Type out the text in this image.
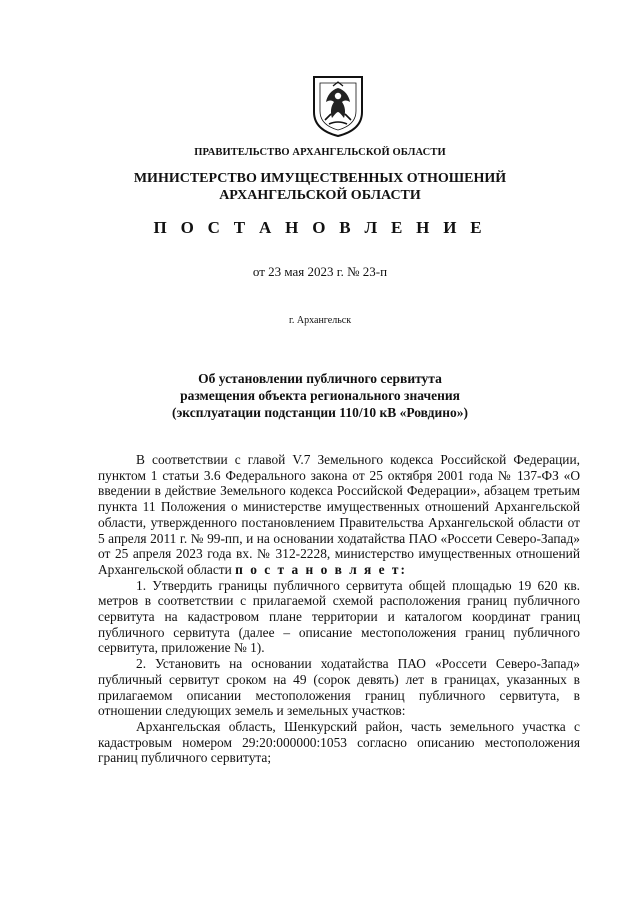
ПРАВИТЕЛЬСТВО АРХАНГЕЛЬСКОЙ ОБЛАСТИ
МИНИСТЕРСТВО ИМУЩЕСТВЕННЫХ ОТНОШЕНИЙ
АРХАНГЕЛЬСКОЙ ОБЛАСТИ
П О С Т А Н О В Л Е Н И Е
от 23 мая 2023 г. № 23-п
г. Архангельск
Об установлении публичного сервитута
размещения объекта регионального значения
(эксплуатации подстанции 110/10 кВ «Ровдино»)

В соответствии с главой V.7 Земельного кодекса Российской Федерации, пунктом 1 статьи 3.6 Федерального закона от 25 октября 2001 года № 137-ФЗ «О введении в действие Земельного кодекса Российской Федерации», абзацем третьим пункта 11 Положения о министерстве имущественных отношений Архангельской области, утвержденного постановлением Правительства Архангельской области от 5 апреля 2011 г. № 99-пп, и на основании ходатайства ПАО «Россети Северо-Запад» от 25 апреля 2023 года вх. № 312-2228, министерство имущественных отношений Архангельской области п о с т а н о в л я е т:

1. Утвердить границы публичного сервитута общей площадью 19 620 кв. метров в соответствии с прилагаемой схемой расположения границ публичного сервитута на кадастровом плане территории и каталогом координат границ публичного сервитута (далее – описание местоположения границ публичного сервитута, приложение № 1).

2. Установить на основании ходатайства ПАО «Россети Северо-Запад» публичный сервитут сроком на 49 (сорок девять) лет в границах, указанных в прилагаемом описании местоположения границ публичного сервитута, в отношении следующих земель и земельных участков:

Архангельская область, Шенкурский район, часть земельного участка с кадастровым номером 29:20:000000:1053 согласно описанию местоположения границ публичного сервитута;
